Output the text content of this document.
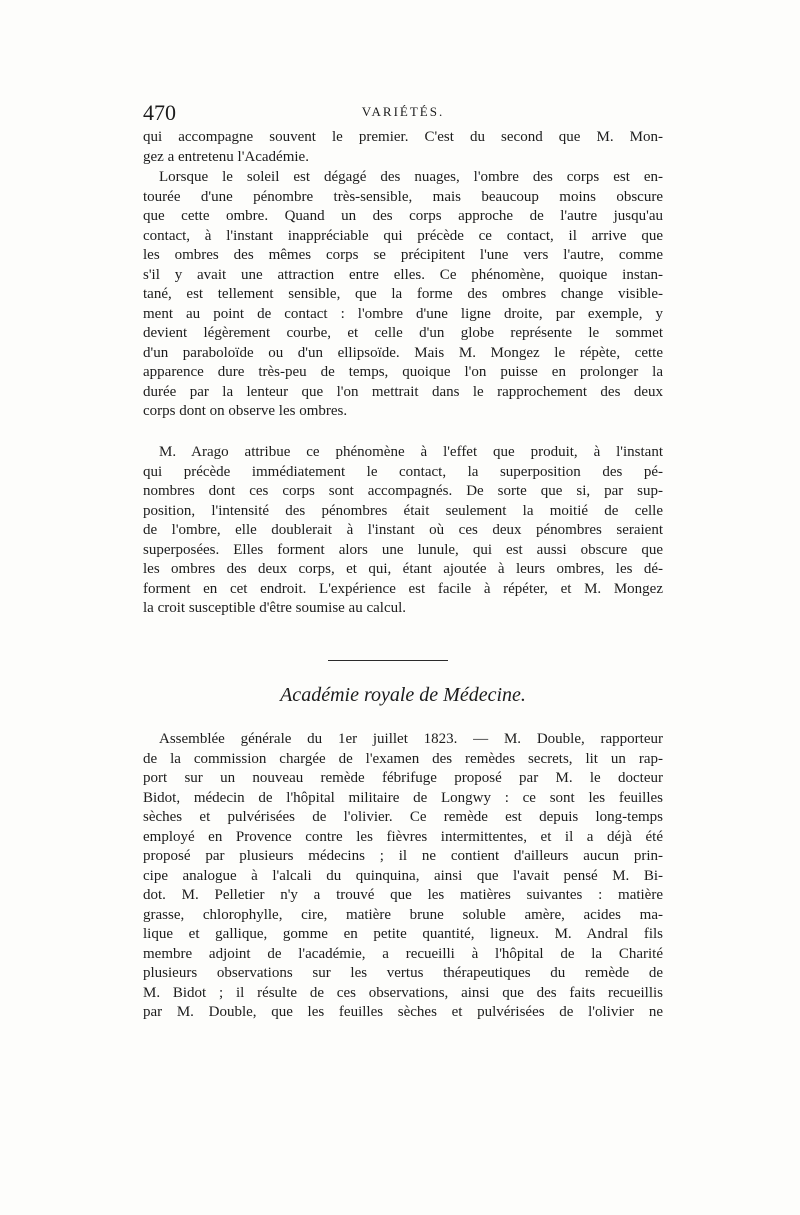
470	VARIÉTÉS.
qui accompagne souvent le premier. C'est du second que M. Mon-
gez a entretenu l'Académie.
Lorsque le soleil est dégagé des nuages, l'ombre des corps est en-
tourée d'une pénombre très-sensible, mais beaucoup moins obscure
que cette ombre. Quand un des corps approche de l'autre jusqu'au
contact, à l'instant inappréciable qui précède ce contact, il arrive que
les ombres des mêmes corps se précipitent l'une vers l'autre, comme
s'il y avait une attraction entre elles. Ce phénomène, quoique instan-
tané, est tellement sensible, que la forme des ombres change visible-
ment au point de contact : l'ombre d'une ligne droite, par exemple, y
devient légèrement courbe, et celle d'un globe représente le sommet
d'un paraboloïde ou d'un ellipsoïde. Mais M. Mongez le répète, cette
apparence dure très-peu de temps, quoique l'on puisse en prolonger la
durée par la lenteur que l'on mettrait dans le rapprochement des deux
corps dont on observe les ombres.
M. Arago attribue ce phénomène à l'effet que produit, à l'instant
qui précède immédiatement le contact, la superposition des pé-
nombres dont ces corps sont accompagnés. De sorte que si, par sup-
position, l'intensité des pénombres était seulement la moitié de celle
de l'ombre, elle doublerait à l'instant où ces deux pénombres seraient
superposées. Elles forment alors une lunule, qui est aussi obscure que
les ombres des deux corps, et qui, étant ajoutée à leurs ombres, les dé-
forment en cet endroit. L'expérience est facile à répéter, et M. Mongez
la croit susceptible d'être soumise au calcul.
Académie royale de Médecine.
Assemblée générale du 1er juillet 1823. — M. Double, rapporteur
de la commission chargée de l'examen des remèdes secrets, lit un rap-
port sur un nouveau remède fébrifuge proposé par M. le docteur
Bidot, médecin de l'hôpital militaire de Longwy : ce sont les feuilles
sèches et pulvérisées de l'olivier. Ce remède est depuis long-temps
employé en Provence contre les fièvres intermittentes, et il a déjà été
proposé par plusieurs médecins ; il ne contient d'ailleurs aucun prin-
cipe analogue à l'alcali du quinquina, ainsi que l'avait pensé M. Bi-
dot. M. Pelletier n'y a trouvé que les matières suivantes : matière
grasse, chlorophylle, cire, matière brune soluble amère, acides ma-
lique et gallique, gomme en petite quantité, ligneux. M. Andral fils
membre adjoint de l'académie, a recueilli à l'hôpital de la Charité
plusieurs observations sur les vertus thérapeutiques du remède de
M. Bidot ; il résulte de ces observations, ainsi que des faits recueillis
par M. Double, que les feuilles sèches et pulvérisées de l'olivier ne
